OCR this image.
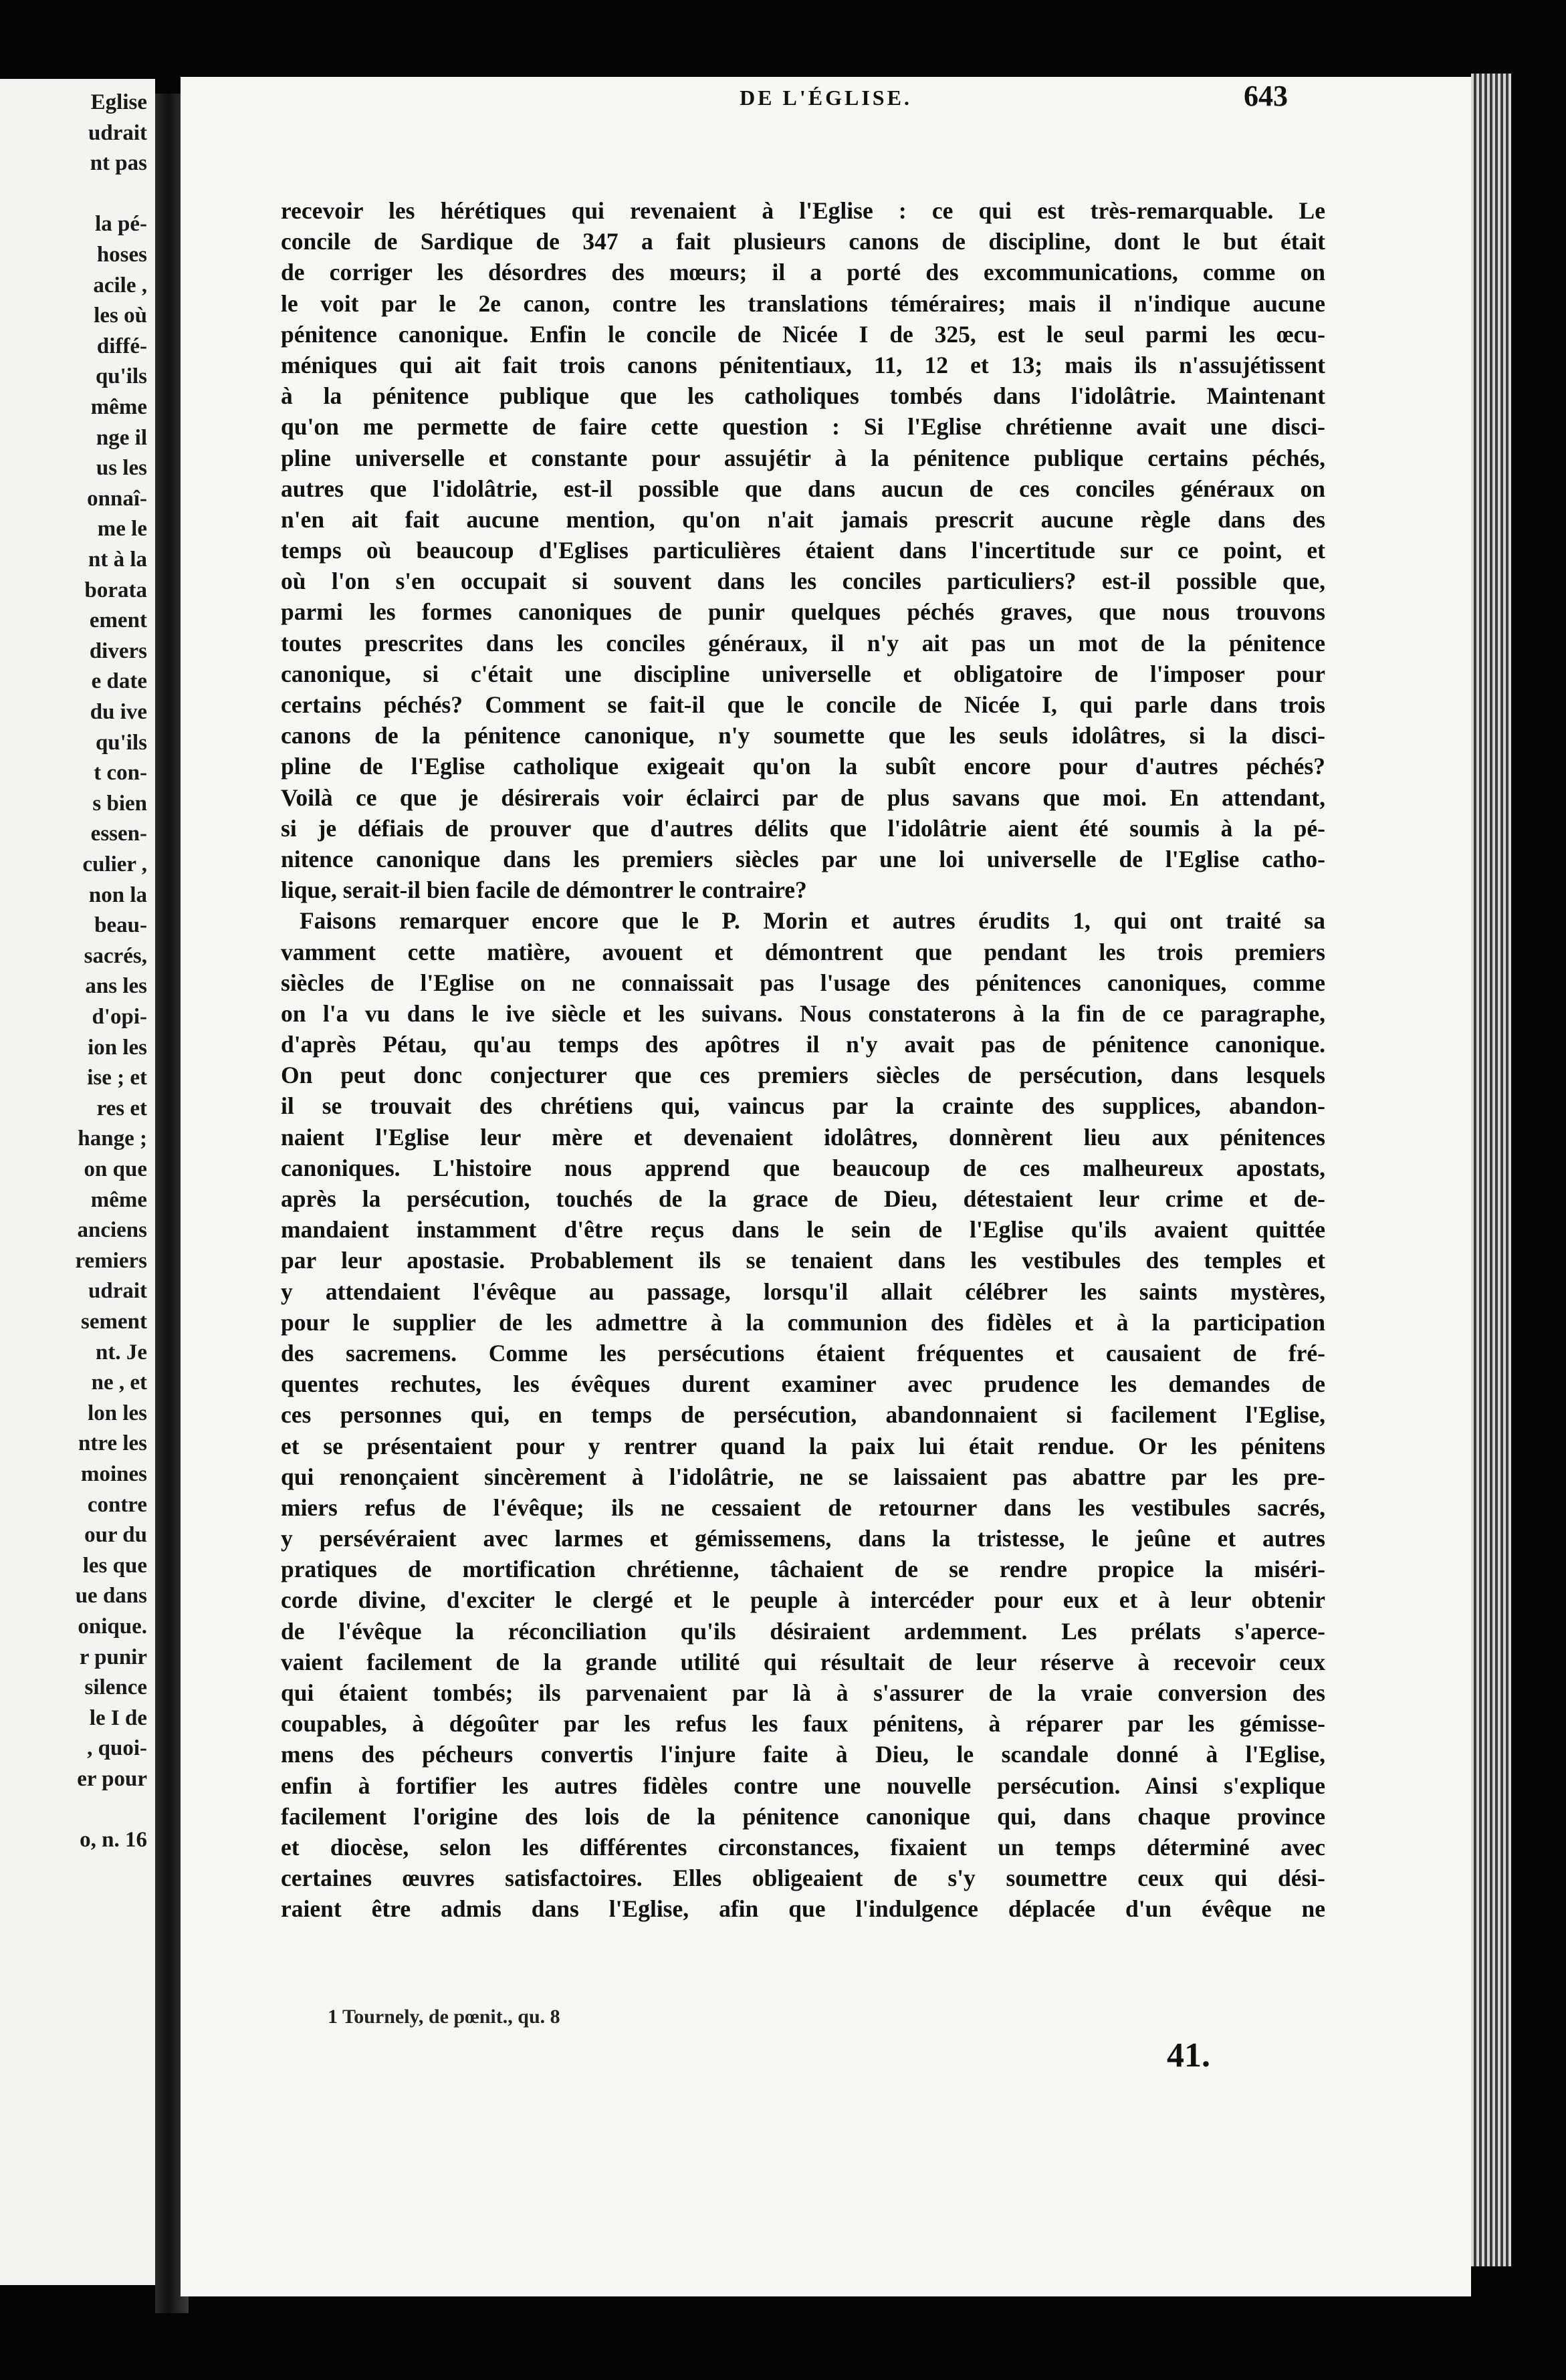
Eglise
udrait
nt pas
la pé-
hoses
acile ,
les où
diffé-
qu'ils
même
nge il
us les
onnaî-
me le
nt à la
borata
ement
divers
e date
du ive
qu'ils
t con-
s bien
essen-
culier ,
non la
beau-
sacrés,
ans les
d'opi-
ion les
ise ; et
res et
hange ;
on que
même
anciens
remiers
udrait
sement
nt. Je
ne , et
lon les
ntre les
moines
contre
our du
les que
ue dans
onique.
r punir
silence
le I de
, quoi-
er pour
o, n. 16
DE L'ÉGLISE.	643
recevoir les hérétiques qui revenaient à l'Eglise : ce qui est très-remarquable. Le
concile de Sardique de 347 a fait plusieurs canons de discipline, dont le but était
de corriger les désordres des mœurs; il a porté des excommunications, comme on
le voit par le 2e canon, contre les translations téméraires; mais il n'indique aucune
pénitence canonique. Enfin le concile de Nicée I de 325, est le seul parmi les œcu-
méniques qui ait fait trois canons pénitentiaux, 11, 12 et 13; mais ils n'assujétissent
à la pénitence publique que les catholiques tombés dans l'idolâtrie. Maintenant
qu'on me permette de faire cette question : Si l'Eglise chrétienne avait une disci-
pline universelle et constante pour assujétir à la pénitence publique certains péchés,
autres que l'idolâtrie, est-il possible que dans aucun de ces conciles généraux on
n'en ait fait aucune mention, qu'on n'ait jamais prescrit aucune règle dans des
temps où beaucoup d'Eglises particulières étaient dans l'incertitude sur ce point, et
où l'on s'en occupait si souvent dans les conciles particuliers? est-il possible que,
parmi les formes canoniques de punir quelques péchés graves, que nous trouvons
toutes prescrites dans les conciles généraux, il n'y ait pas un mot de la pénitence
canonique, si c'était une discipline universelle et obligatoire de l'imposer pour
certains péchés? Comment se fait-il que le concile de Nicée I, qui parle dans trois
canons de la pénitence canonique, n'y soumette que les seuls idolâtres, si la disci-
pline de l'Eglise catholique exigeait qu'on la subît encore pour d'autres péchés?
Voilà ce que je désirerais voir éclairci par de plus savans que moi. En attendant,
si je défiais de prouver que d'autres délits que l'idolâtrie aient été soumis à la pé-
nitence canonique dans les premiers siècles par une loi universelle de l'Eglise catho-
lique, serait-il bien facile de démontrer le contraire?
Faisons remarquer encore que le P. Morin et autres érudits 1, qui ont traité sa
vamment cette matière, avouent et démontrent que pendant les trois premiers
siècles de l'Eglise on ne connaissait pas l'usage des pénitences canoniques, comme
on l'a vu dans le ive siècle et les suivans. Nous constaterons à la fin de ce paragraphe,
d'après Pétau, qu'au temps des apôtres il n'y avait pas de pénitence canonique.
On peut donc conjecturer que ces premiers siècles de persécution, dans lesquels
il se trouvait des chrétiens qui, vaincus par la crainte des supplices, abandon-
naient l'Eglise leur mère et devenaient idolâtres, donnèrent lieu aux pénitences
canoniques. L'histoire nous apprend que beaucoup de ces malheureux apostats,
après la persécution, touchés de la grace de Dieu, détestaient leur crime et de-
mandaient instamment d'être reçus dans le sein de l'Eglise qu'ils avaient quittée
par leur apostasie. Probablement ils se tenaient dans les vestibules des temples et
y attendaient l'évêque au passage, lorsqu'il allait célébrer les saints mystères,
pour le supplier de les admettre à la communion des fidèles et à la participation
des sacremens. Comme les persécutions étaient fréquentes et causaient de fré-
quentes rechutes, les évêques durent examiner avec prudence les demandes de
ces personnes qui, en temps de persécution, abandonnaient si facilement l'Eglise,
et se présentaient pour y rentrer quand la paix lui était rendue. Or les pénitens
qui renonçaient sincèrement à l'idolâtrie, ne se laissaient pas abattre par les pre-
miers refus de l'évêque; ils ne cessaient de retourner dans les vestibules sacrés,
y persévéraient avec larmes et gémissemens, dans la tristesse, le jeûne et autres
pratiques de mortification chrétienne, tâchaient de se rendre propice la miséri-
corde divine, d'exciter le clergé et le peuple à intercéder pour eux et à leur obtenir
de l'évêque la réconciliation qu'ils désiraient ardemment. Les prélats s'aperce-
vaient facilement de la grande utilité qui résultait de leur réserve à recevoir ceux
qui étaient tombés; ils parvenaient par là à s'assurer de la vraie conversion des
coupables, à dégoûter par les refus les faux pénitens, à réparer par les gémisse-
mens des pécheurs convertis l'injure faite à Dieu, le scandale donné à l'Eglise,
enfin à fortifier les autres fidèles contre une nouvelle persécution. Ainsi s'explique
facilement l'origine des lois de la pénitence canonique qui, dans chaque province
et diocèse, selon les différentes circonstances, fixaient un temps déterminé avec
certaines œuvres satisfactoires. Elles obligeaient de s'y soumettre ceux qui dési-
raient être admis dans l'Eglise, afin que l'indulgence déplacée d'un évêque ne
1 Tournely, de pœnit., qu. 8
41.
